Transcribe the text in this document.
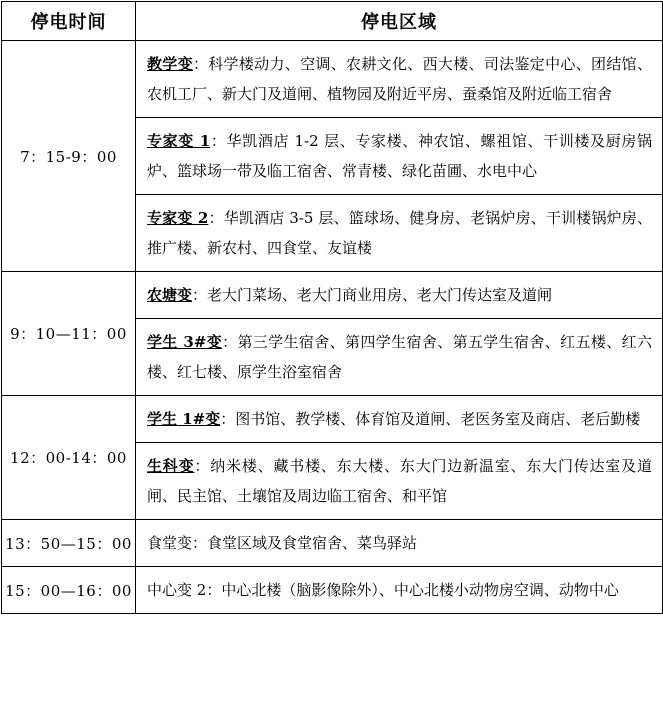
停电时间	停电区域
7：15-9：00	教学变：科学楼动力、空调、农耕文化、西大楼、司法鉴定中心、团结馆、农机工厂、新大门及道闸、植物园及附近平房、蚕桑馆及附近临工宿舍
专家变 1：华凯酒店 1-2 层、专家楼、神农馆、螺祖馆、干训楼及厨房锅炉、篮球场一带及临工宿舍、常青楼、绿化苗圃、水电中心
专家变 2：华凯酒店 3-5 层、篮球场、健身房、老锅炉房、干训楼锅炉房、推广楼、新农村、四食堂、友谊楼

9：10—11：00	农塘变：老大门菜场、老大门商业用房、老大门传达室及道闸
学生 3#变：第三学生宿舍、第四学生宿舍、第五学生宿舍、红五楼、红六楼、红七楼、原学生浴室宿舍

12：00-14：00	学生 1#变：图书馆、教学楼、体育馆及道闸、老医务室及商店、老后勤楼
生科变：纳米楼、藏书楼、东大楼、东大门边新温室、东大门传达室及道闸、民主馆、土壤馆及周边临工宿舍、和平馆

13：50—15：00	食堂变：食堂区域及食堂宿舍、菜鸟驿站

15：00—16：00	中心变 2：中心北楼（脑影像除外）、中心北楼小动物房空调、动物中心
